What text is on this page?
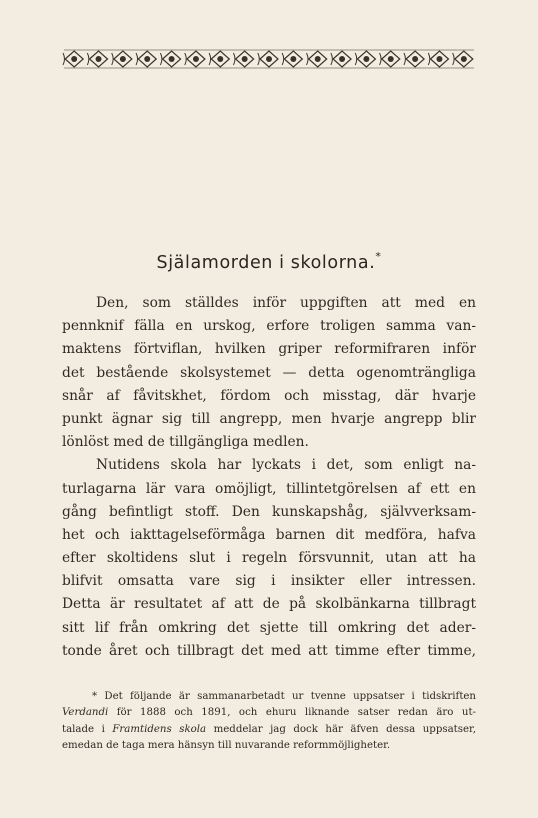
Själamorden i skolorna.*
Den, som ställdes inför uppgiften att med en
pennknif fälla en urskog, erfore troligen samma van-
maktens förtviflan, hvilken griper reformifraren inför
det bestående skolsystemet — detta ogenomträngliga
snår af fåvitskhet, fördom och misstag, där hvarje
punkt ägnar sig till angrepp, men hvarje angrepp blir
lönlöst med de tillgängliga medlen.
Nutidens skola har lyckats i det, som enligt na-
turlagarna lär vara omöjligt, tillintetgörelsen af ett en
gång befintligt stoff. Den kunskapshåg, självverksam-
het och iakttagelseförmåga barnen dit medföra, hafva
efter skoltidens slut i regeln försvunnit, utan att ha
blifvit omsatta vare sig i insikter eller intressen.
Detta är resultatet af att de på skolbänkarna tillbragt
sitt lif från omkring det sjette till omkring det ader-
tonde året och tillbragt det med att timme efter timme,
* Det följande är sammanarbetadt ur tvenne uppsatser i tidskriften
Verdandi för 1888 och 1891, och ehuru liknande satser redan äro ut-
talade i Framtidens skola meddelar jag dock här äfven dessa uppsatser,
emedan de taga mera hänsyn till nuvarande reformmöjligheter.
